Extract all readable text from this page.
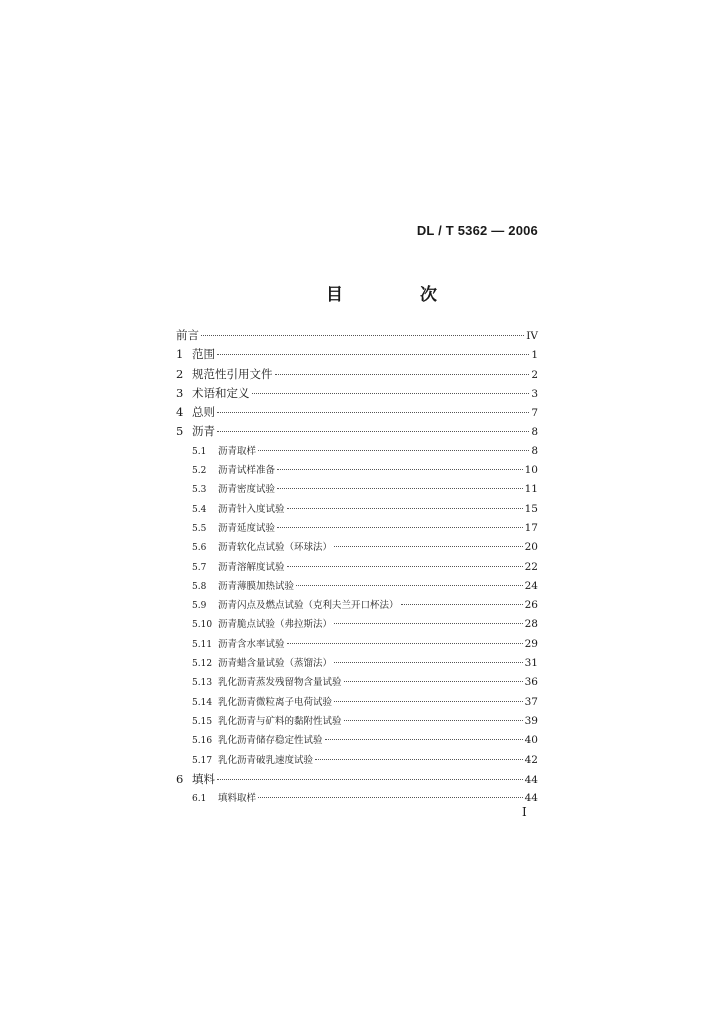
DL / T 5362 — 2006
目　次
前言	IV
1 范围	1
2 规范性引用文件	2
3 术语和定义	3
4 总则	7
5 沥青	8
5.1	沥青取样	8
5.2	沥青试样准备	10
5.3	沥青密度试验	11
5.4	沥青针入度试验	15
5.5	沥青延度试验	17
5.6	沥青软化点试验（环球法）	20
5.7	沥青溶解度试验	22
5.8	沥青薄膜加热试验	24
5.9	沥青闪点及燃点试验（克利夫兰开口杯法）	26
5.10 沥青脆点试验（弗拉斯法）	28
5.11 沥青含水率试验	29
5.12 沥青蜡含量试验（蒸馏法）	31
5.13 乳化沥青蒸发残留物含量试验	36
5.14 乳化沥青微粒离子电荷试验	37
5.15 乳化沥青与矿料的黏附性试验	39
5.16 乳化沥青储存稳定性试验	40
5.17 乳化沥青破乳速度试验	42
6 填料	44
6.1	填料取样	44
I
